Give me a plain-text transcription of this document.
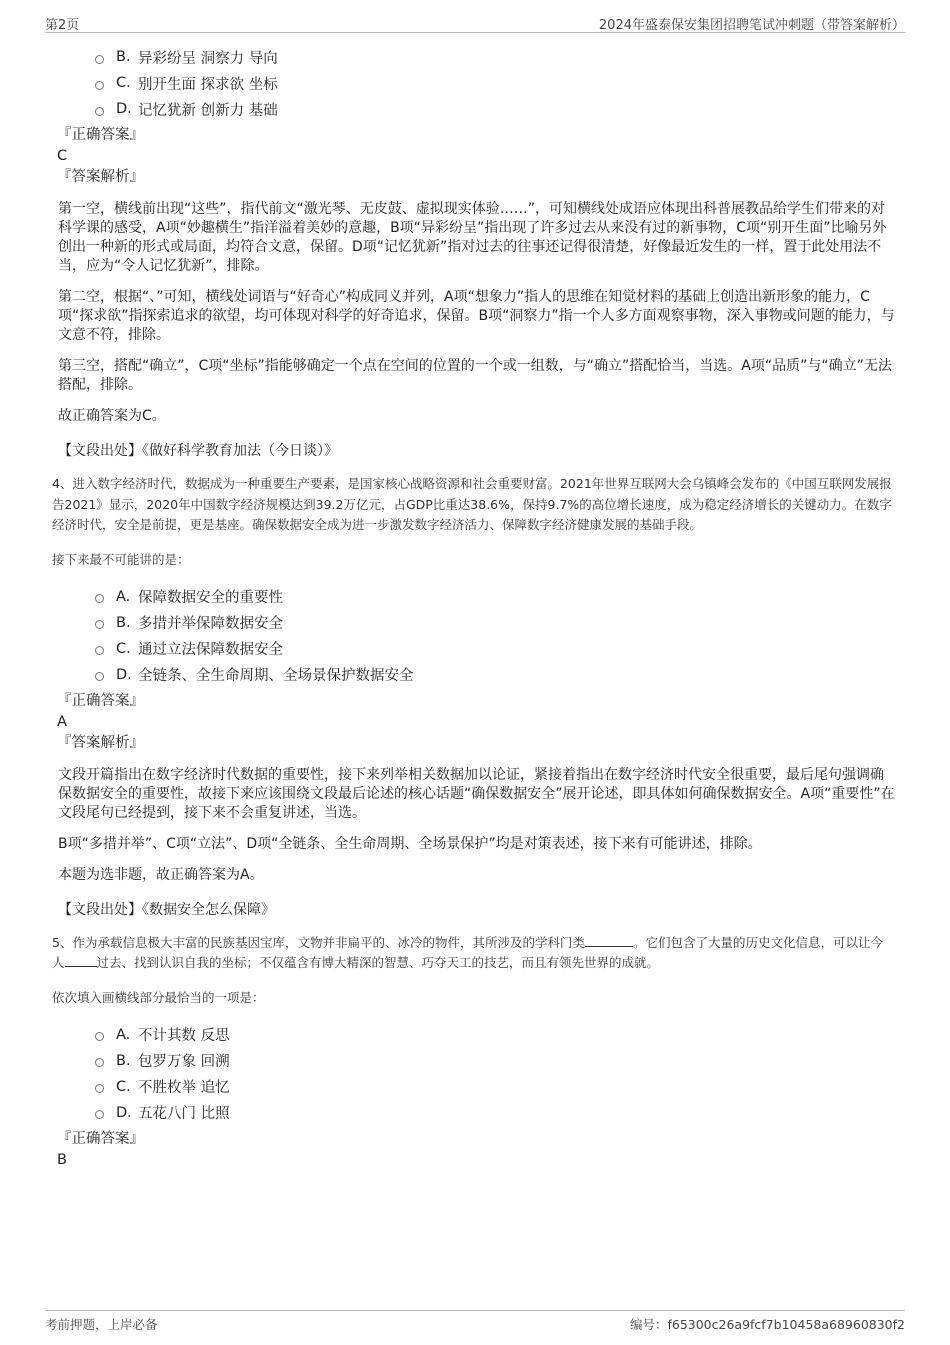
第2页	2024年盛泰保安集团招聘笔试冲刺题（带答案解析）
B. 异彩纷呈 洞察力 导向
C. 别开生面 探求欲 坐标
D. 记忆犹新 创新力 基础
『正确答案』
C
『答案解析』
第一空，横线前出现“这些”，指代前文“激光琴、无皮鼓、虚拟现实体验……”，可知横线处成语应体现出科普展教品给学生们带来的对科学课的感受，A项“妙趣横生”指洋溢着美妙的意趣，B项“异彩纷呈”指出现了许多过去从来没有过的新事物，C项“别开生面”比喻另外创出一种新的形式或局面，均符合文意，保留。D项“记忆犹新”指对过去的往事还记得很清楚，好像最近发生的一样，置于此处用法不当，应为“令人记忆犹新”，排除。
第二空，根据“、”可知，横线处词语与“好奇心”构成同义并列，A项“想象力”指人的思维在知觉材料的基础上创造出新形象的能力，C项“探求欲”指探索追求的欲望，均可体现对科学的好奇追求，保留。B项“洞察力”指一个人多方面观察事物，深入事物或问题的能力，与文意不符，排除。
第三空，搭配“确立”，C项“坐标”指能够确定一个点在空间的位置的一个或一组数，与“确立”搭配恰当，当选。A项“品质”与“确立”无法搭配，排除。
故正确答案为C。
【文段出处】《做好科学教育加法（今日谈）》
4、进入数字经济时代，数据成为一种重要生产要素，是国家核心战略资源和社会重要财富。2021年世界互联网大会乌镇峰会发布的《中国互联网发展报告2021》显示，2020年中国数字经济规模达到39.2万亿元，占GDP比重达38.6%，保持9.7%的高位增长速度，成为稳定经济增长的关键动力。在数字经济时代，安全是前提，更是基座。确保数据安全成为进一步激发数字经济活力、保障数字经济健康发展的基础手段。
接下来最不可能讲的是：
A. 保障数据安全的重要性
B. 多措并举保障数据安全
C. 通过立法保障数据安全
D. 全链条、全生命周期、全场景保护数据安全
『正确答案』
A
『答案解析』
文段开篇指出在数字经济时代数据的重要性，接下来列举相关数据加以论证，紧接着指出在数字经济时代安全很重要，最后尾句强调确保数据安全的重要性，故接下来应该围绕文段最后论述的核心话题“确保数据安全”展开论述，即具体如何确保数据安全。A项“重要性”在文段尾句已经提到，接下来不会重复讲述，当选。
B项“多措并举”、C项“立法”、D项“全链条、全生命周期、全场景保护”均是对策表述，接下来有可能讲述，排除。
本题为选非题，故正确答案为A。
【文段出处】《数据安全怎么保障》
5、作为承载信息极大丰富的民族基因宝库，文物并非扁平的、冰冷的物件，其所涉及的学科门类	。它们包含了大量的历史文化信息，可以让今人	过去、找到认识自我的坐标；不仅蕴含有博大精深的智慧、巧夺天工的技艺，而且有领先世界的成就。
依次填入画横线部分最恰当的一项是：
A. 不计其数 反思
B. 包罗万象 回溯
C. 不胜枚举 追忆
D. 五花八门 比照
『正确答案』
B
考前押题，上岸必备	编号：f65300c26a9fcf7b10458a68960830f2
